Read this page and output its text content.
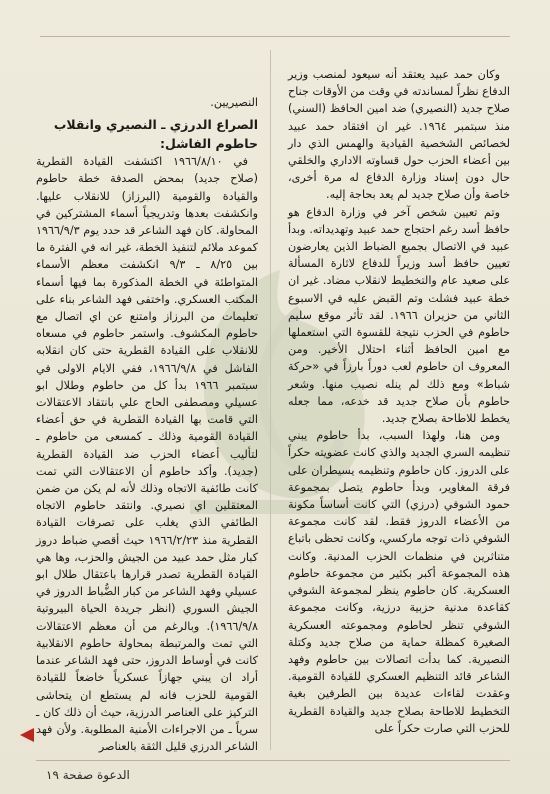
وكان حمد عبيد يعتقد أنه سيعود لمنصب وزير الدفاع نظراً لمساندته في وقت من الأوقات جناح صلاح جديد (النصيري) ضد امين الحافظ (السني) منذ سبتمبر ١٩٦٤. غير ان افتقاد حمد عبيد لخصائص الشخصية القيادية والهمس الذي دار بين أعضاء الحزب حول قساوته الاداري والخلقي حال دون إسناد وزارة الدفاع له مرة أخرى، خاصة وأن صلاح جديد لم يعد بحاجة إليه.

وتم تعيين شخص آخر في وزارة الدفاع هو حافظ أسد رغم احتجاج حمد عبيد وتهديداته. وبدأ عبيد في الاتصال بجميع الضباط الذين يعارضون تعيين حافظ أسد وزيراً للدفاع لاثارة المسألة على صعيد عام والتخطيط لانقلاب مضاد. غير ان خطة عبيد فشلت وتم القبض عليه في الاسبوع الثاني من حزيران ١٩٦٦. لقد تأثر موقع سليم حاطوم في الحزب نتيجة للقسوة التي استعملها مع امين الحافظ أثناء احتلال الأخير. ومن المعروف ان حاطوم لعب دوراً بارزاً في «حركة شباط» ومع ذلك لم ينله نصيب منها. وشعر حاطوم بأن صلاح جديد قد خدعه، مما جعله يخطط للاطاحة بصلاح جديد.

ومن هنا، ولهذا السبب، بدأ حاطوم يبني تنظيمه السري الجديد والذي كانت عضويته حكراً على الدروز. كان حاطوم وتنظيمه يسيطران على فرقة المغاوير، وبدأ حاطوم يتصل بمجموعة حمود الشوفي (درزي) التي كانت أساساً مكونة من الأعضاء الدروز فقط. لقد كانت مجموعة الشوفي ذات توجه ماركسي، وكانت تحظى باتباع متناثرين في منظمات الحزب المدنية. وكانت هذه المجموعة أكبر بكثير من مجموعة حاطوم العسكرية. كان حاطوم ينظر لمجموعة الشوفي كقاعدة مدنية حزبية درزية، وكانت مجموعة الشوفي تنظر لحاطوم ومجموعته العسكرية الصغيرة كمظلة حماية من صلاح جديد وكتلة النصيرية. كما بدأت اتصالات بين حاطوم وفهد الشاعر قائد التنظيم العسكري للقيادة القومية. وعقدت لقاءات عديدة بين الطرفين بغية التخطيط للاطاحة بصلاح جديد والقيادة القطرية للحزب التي صارت حكراً على

النصيريين.

الصراع الدرزي ـ النصيري وانقلاب حاطوم الفاشل:

في ١٩٦٦/٨/١٠ اكتشفت القيادة القطرية (صلاح جديد) بمحض الصدفة خطة حاطوم والقيادة والقومية (البرزاز) للانقلاب عليها. وانكشفت بعدها وتدريجياً أسماء المشتركين في المحاولة. كان فهد الشاعر قد حدد يوم ١٩٦٦/٩/٣ كموعد ملائم لتنفيذ الخطة، غير انه في الفترة ما بين ٨/٢٥ ـ ٩/٣ انكشفت معظم الأسماء المتواطئة في الخطة المذكورة بما فيها أسماء المكتب العسكري. واختفى فهد الشاعر بناء على تعليمات من البرزاز وامتنع عن اي اتصال مع حاطوم المكشوف. واستمر حاطوم في مسعاه للانقلاب على القيادة القطرية حتى كان انقلابه الفاشل في ١٩٦٦/٩/٨، ففي الايام الاولى في سبتمبر ١٩٦٦ بدأ كل من حاطوم وطلال ابو عسيلي ومصطفى الحاج علي بانتقاد الاعتقالات التي قامت بها القيادة القطرية في حق أعضاء القيادة القومية وذلك ـ كمسعى من حاطوم ـ لتأليب أعضاء الحزب ضد القيادة القطرية (جديد). وأكد حاطوم أن الاعتقالات التي تمت كانت طائفية الاتجاه وذلك لأنه لم يكن من ضمن المعتقلين اي نصيري. وانتقد حاطوم الاتجاه الطائفي الذي يغلب على تصرفات القيادة القطرية منذ ١٩٦٦/٢/٢٣ حيث أقصي ضباط دروز كبار مثل حمد عبيد من الجيش والحزب، وها هي القيادة القطرية تصدر قرارها باعتقال طلال ابو عسيلي وفهد الشاعر من كبار الضُّباط الدروز في الجيش السوري (انظر جريدة الحياة البيروتية ١٩٦٦/٩/٨). وبالرغم من أن معظم الاعتقالات التي تمت والمرتبطة بمحاولة حاطوم الانقلابية كانت في أوساط الدروز، حتى فهد الشاعر عندما أراد ان يبني جهازاً عسكرياً خاضعاً للقيادة القومية للحزب فانه لم يستطع ان يتحاشى التركيز على العناصر الدرزية، حيث أن ذلك كان ـ سرياً ـ من الاجراءات الأمنية المطلوبة. ولأن فهد الشاعر الدرزي قليل الثقة بالعناصر

الدعوة صفحة ١٩
